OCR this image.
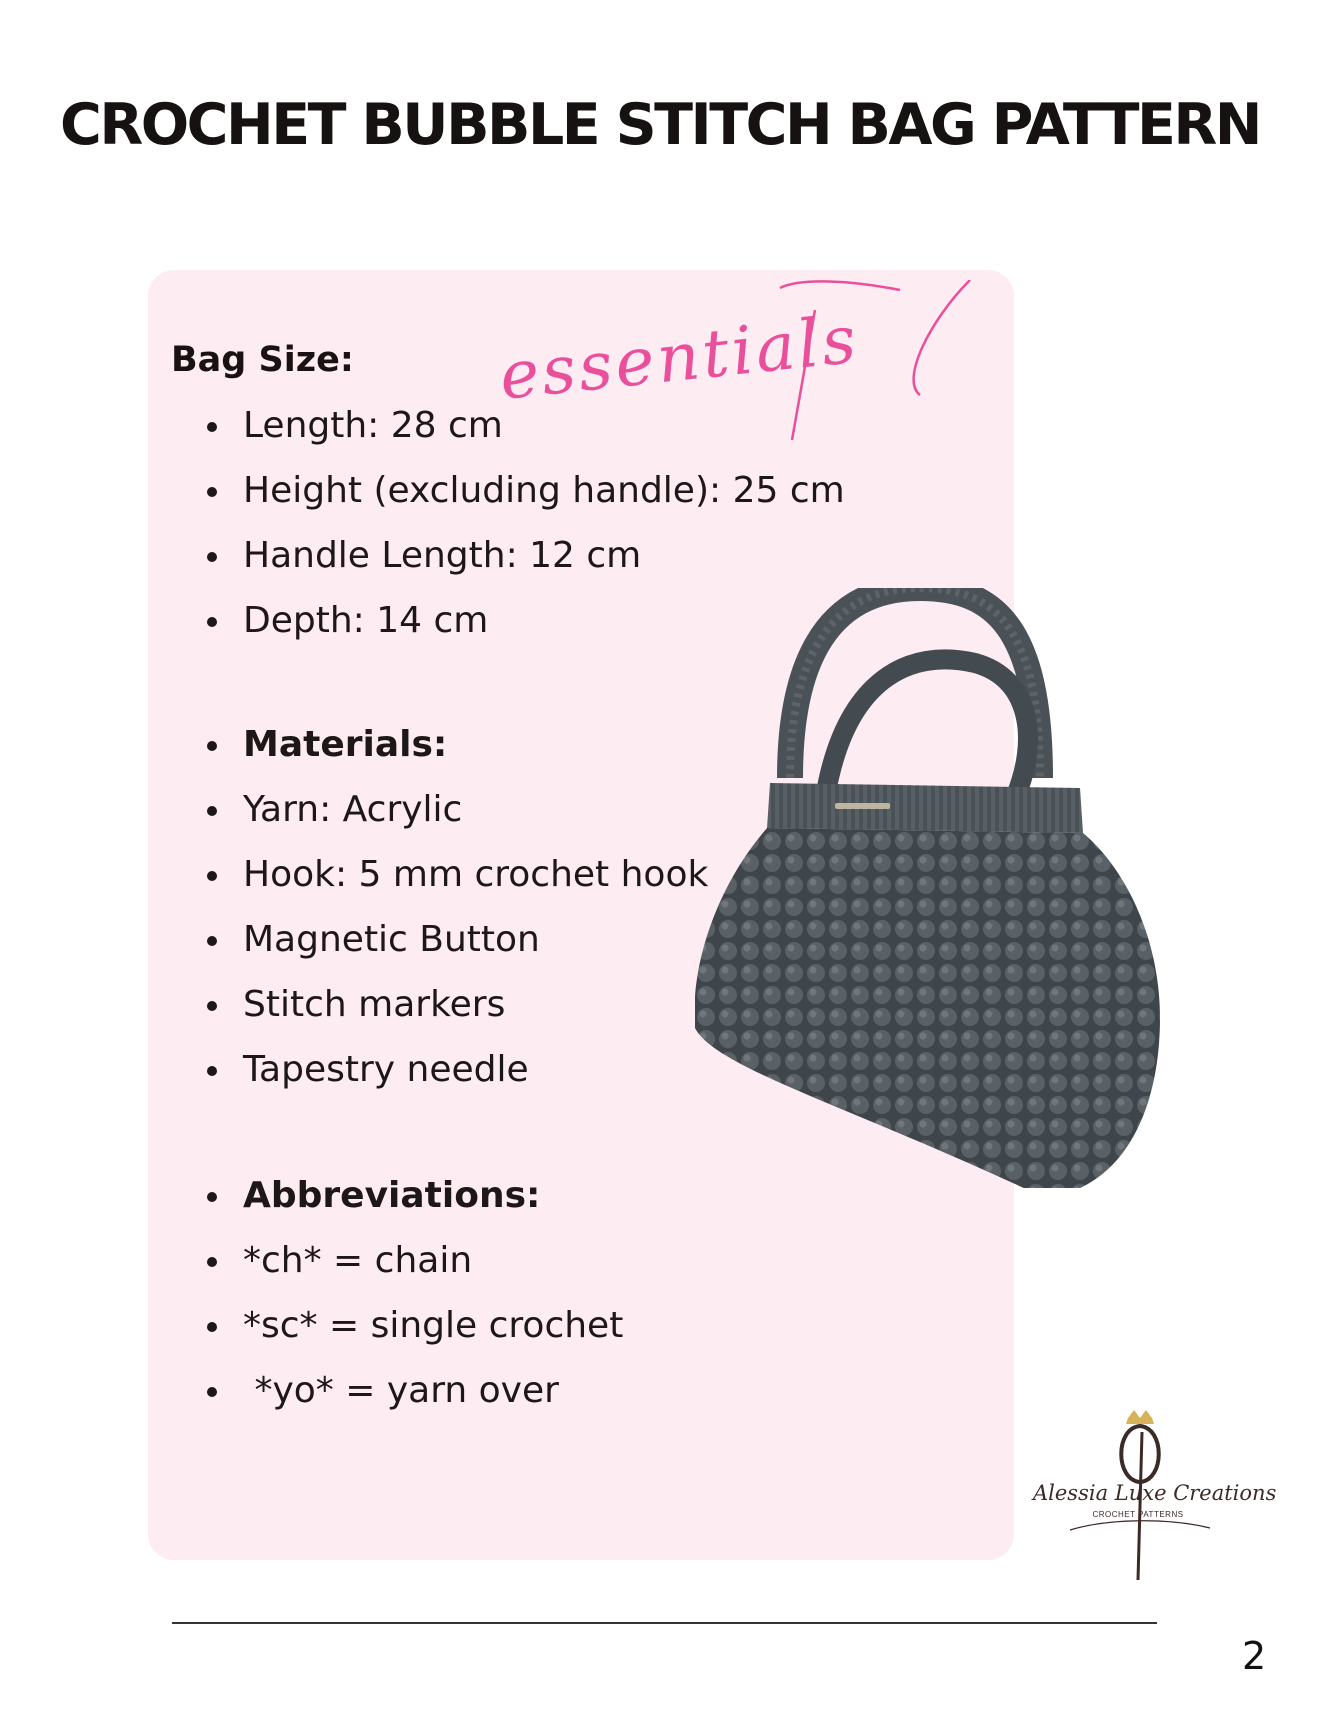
CROCHET BUBBLE STITCH BAG PATTERN
essentials
Bag Size:
Length: 28 cm
Height (excluding handle): 25 cm
Handle Length: 12 cm
Depth: 14 cm
Materials:
Yarn: Acrylic
Hook: 5 mm crochet hook
Magnetic Button
Stitch markers
Tapestry needle
Abbreviations:
*ch* = chain
*sc* = single crochet
*yo* = yarn over
Alessia Luxe Creations
CROCHET PATTERNS
2
